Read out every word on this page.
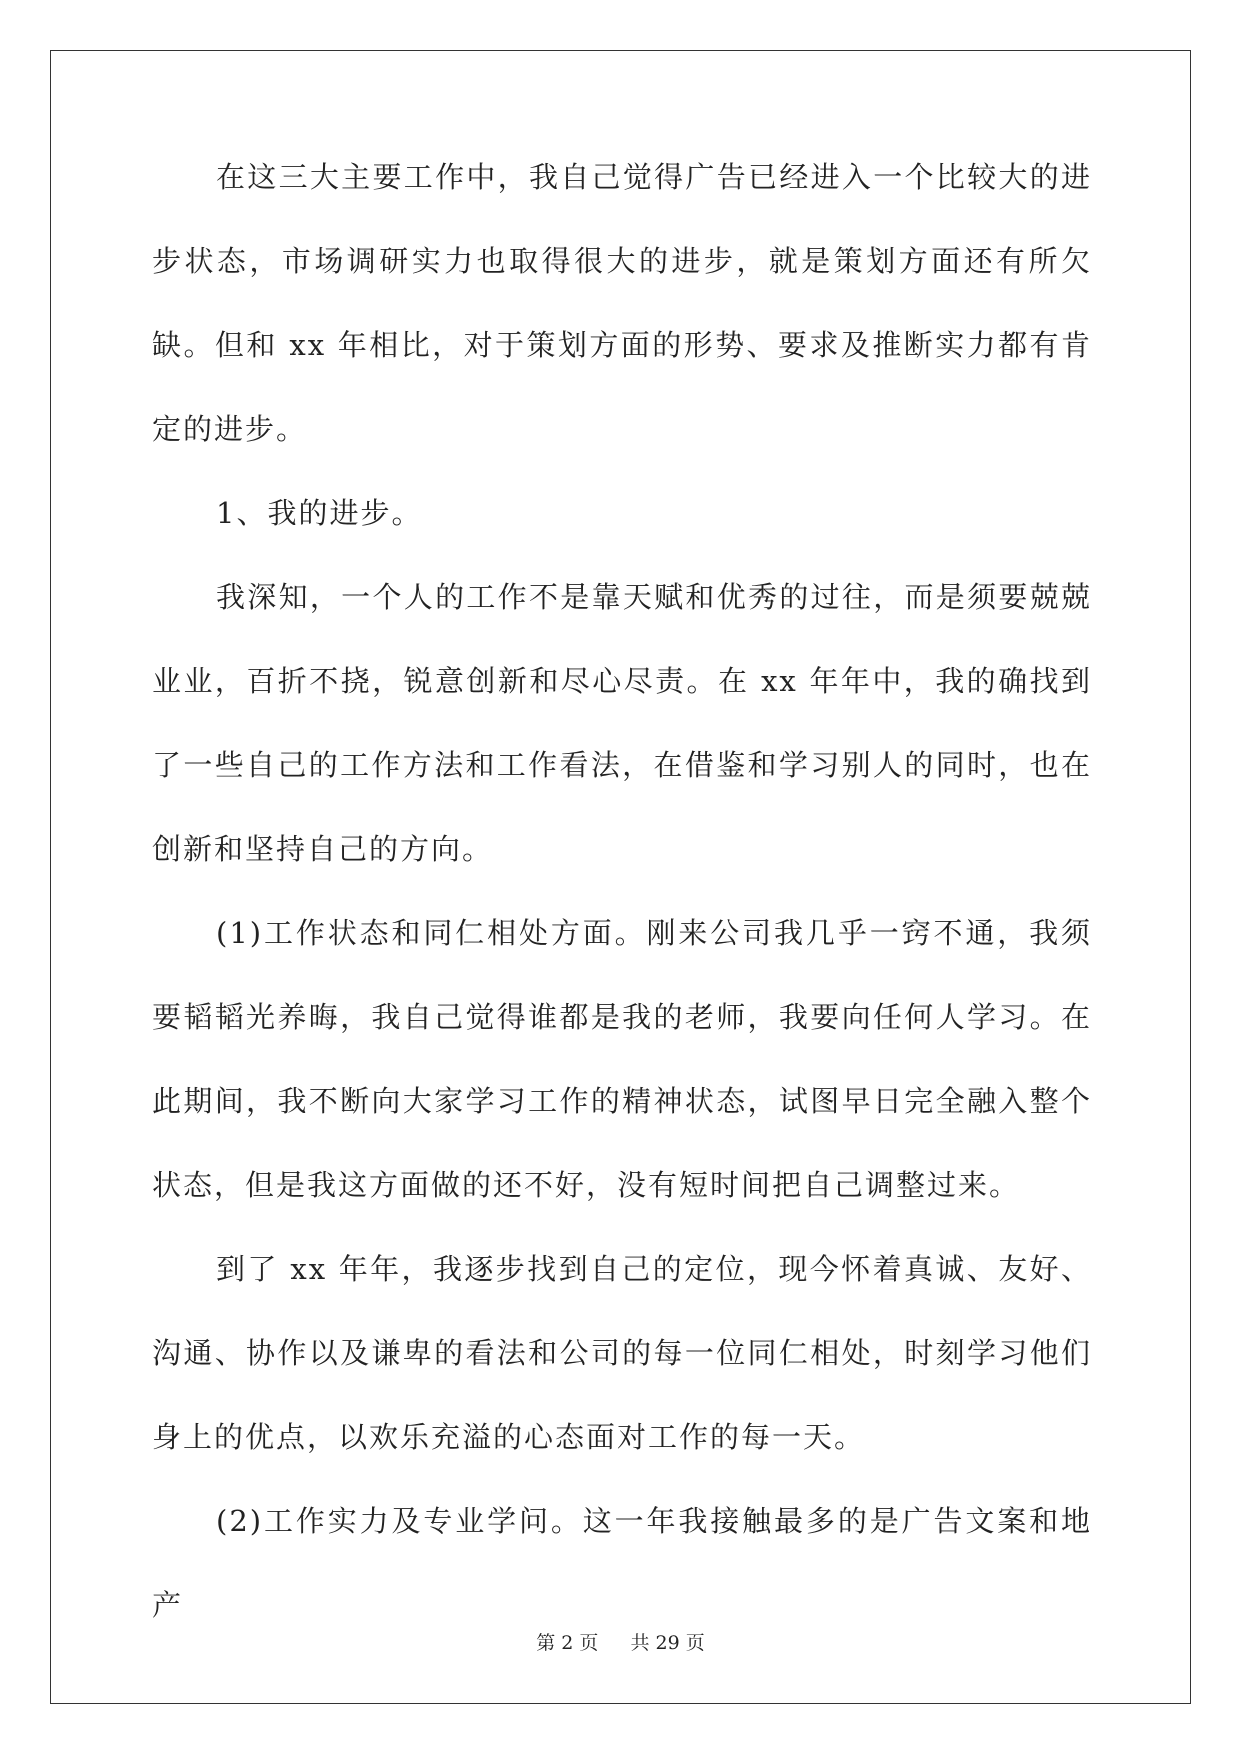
在这三大主要工作中，我自己觉得广告已经进入一个比较大的进步状态，市场调研实力也取得很大的进步，就是策划方面还有所欠缺。但和 xx 年相比，对于策划方面的形势、要求及推断实力都有肯定的进步。

1、我的进步。

我深知，一个人的工作不是靠天赋和优秀的过往，而是须要兢兢业业，百折不挠，锐意创新和尽心尽责。在 xx 年年中，我的确找到了一些自己的工作方法和工作看法，在借鉴和学习别人的同时，也在创新和坚持自己的方向。

(1)工作状态和同仁相处方面。刚来公司我几乎一窍不通，我须要韬韬光养晦，我自己觉得谁都是我的老师，我要向任何人学习。在此期间，我不断向大家学习工作的精神状态，试图早日完全融入整个状态，但是我这方面做的还不好，没有短时间把自己调整过来。

到了 xx 年年，我逐步找到自己的定位，现今怀着真诚、友好、沟通、协作以及谦卑的看法和公司的每一位同仁相处，时刻学习他们身上的优点，以欢乐充溢的心态面对工作的每一天。

(2)工作实力及专业学问。这一年我接触最多的是广告文案和地产

第 2 页 共 29 页
